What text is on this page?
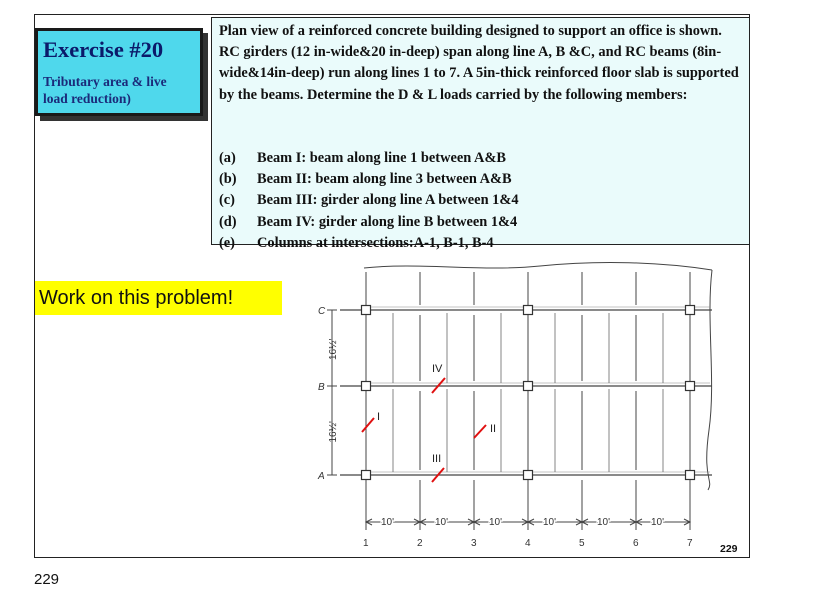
Exercise #20
Tributary area & live
load reduction)
Plan view of a reinforced concrete building designed to support an office is shown. RC girders (12 in-wide&20 in-deep) span along line A, B &C, and RC beams (8in-wide&14in-deep) run along lines 1 to 7. A 5in-thick reinforced floor slab is supported by the beams. Determine the D & L loads carried by the following members:
(a) Beam I: beam along line 1 between A&B
(b) Beam II: beam along line 3 between A&B
(c) Beam III: girder along line A between 1&4
(d) Beam IV: girder along line B between 1&4
(e) Columns at intersections:A-1, B-1, B-4
Work on this problem!
C
B
A
16½'
16½'
1
10'
2
10'
3
10'
4
10'
5
10'
6
10'
7
I
II
III
IV
229
229
